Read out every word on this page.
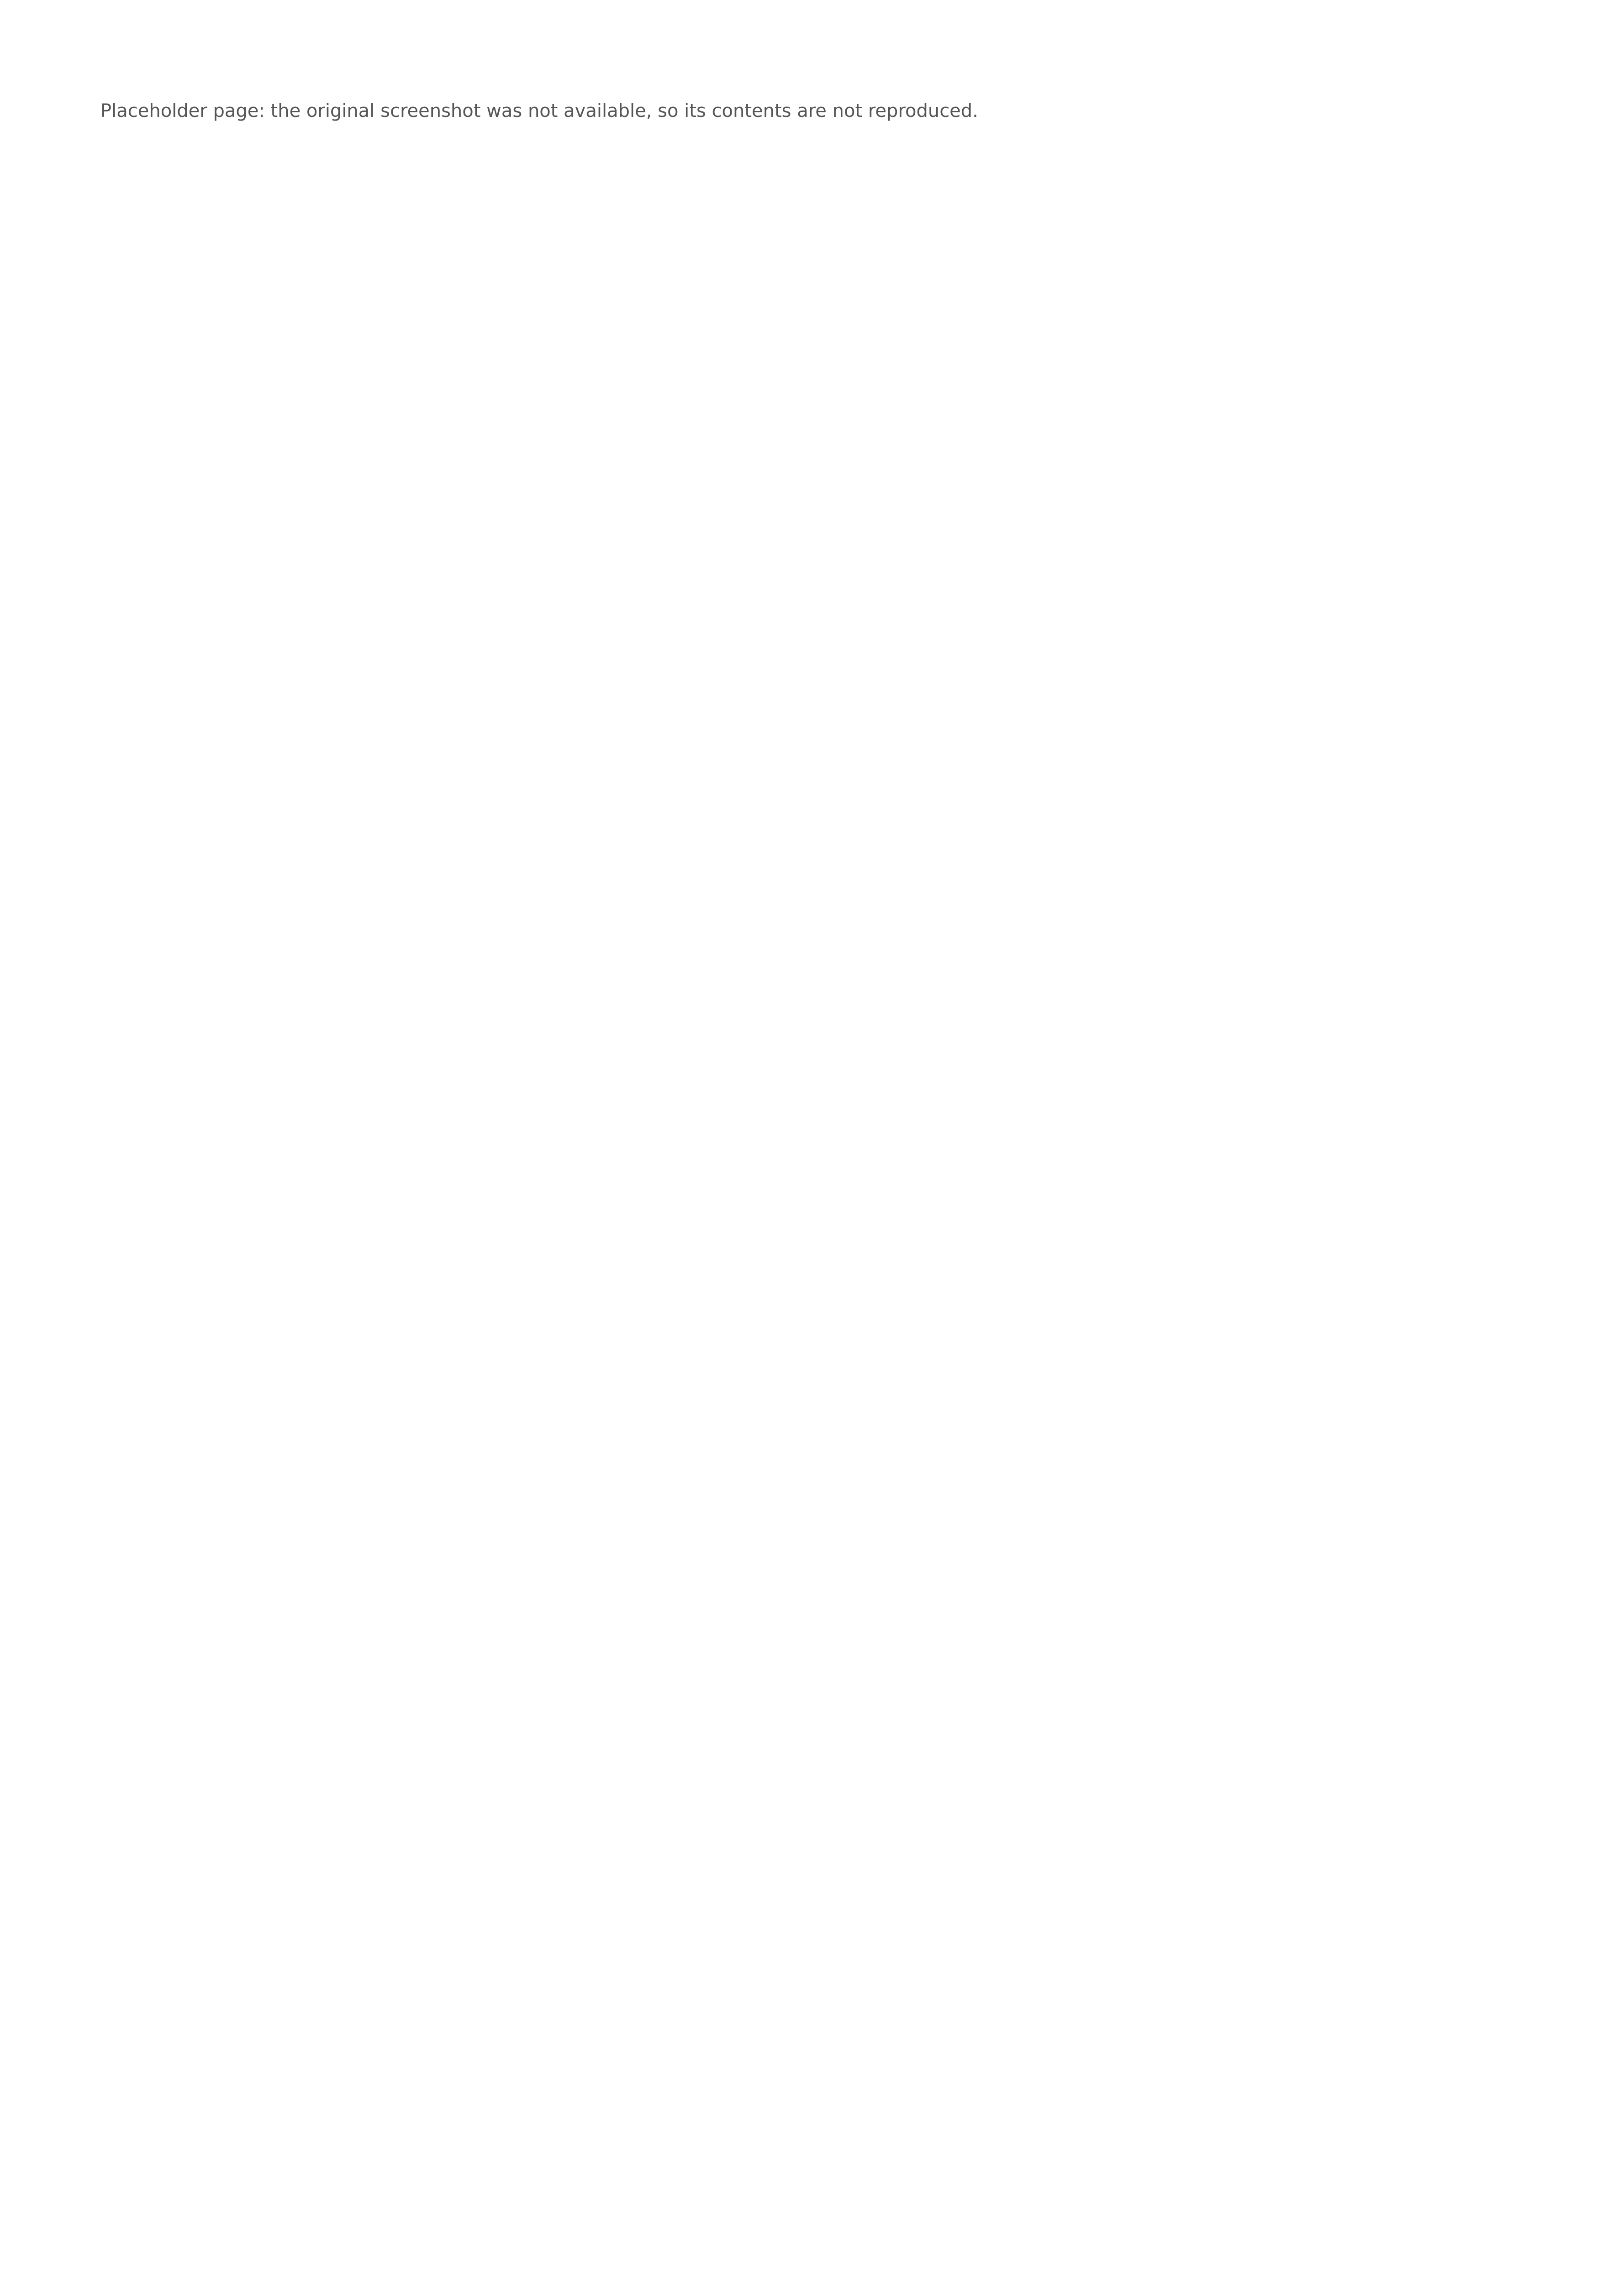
Placeholder page: the original screenshot was not available, so its contents are not reproduced.
